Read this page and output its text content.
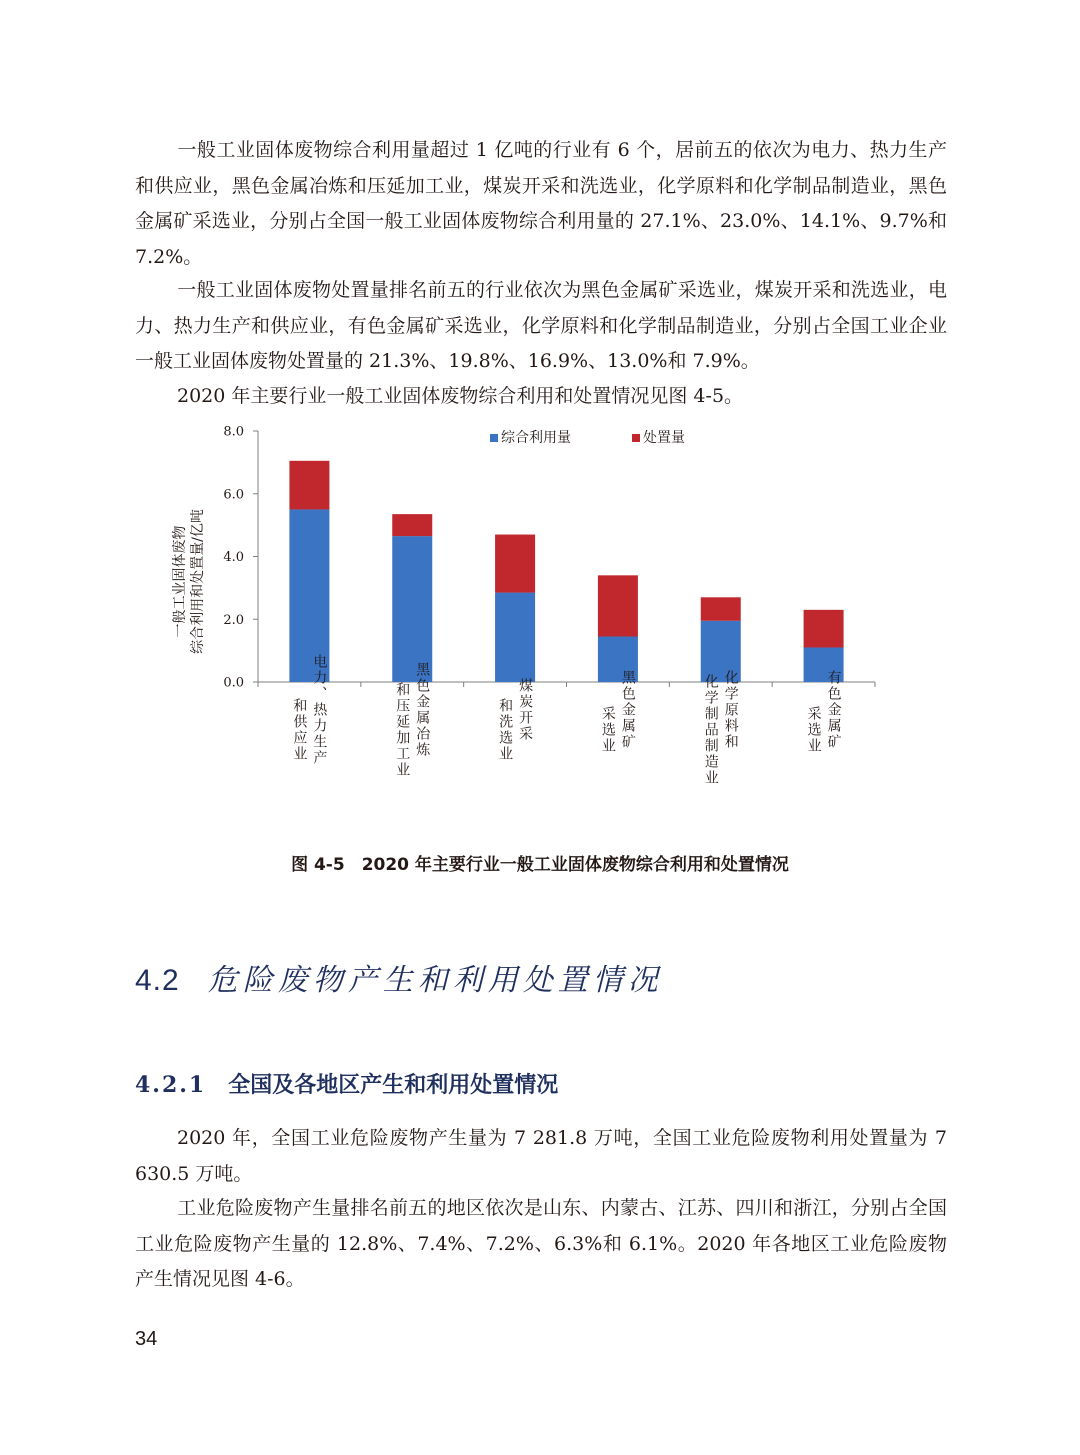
一般工业固体废物综合利用量超过 1 亿吨的行业有 6 个，居前五的依次为电力、热力生产和供应业，黑色金属冶炼和压延加工业，煤炭开采和洗选业，化学原料和化学制品制造业，黑色金属矿采选业，分别占全国一般工业固体废物综合利用量的 27.1%、23.0%、14.1%、9.7%和 7.2%。

一般工业固体废物处置量排名前五的行业依次为黑色金属矿采选业，煤炭开采和洗选业，电力、热力生产和供应业，有色金属矿采选业，化学原料和化学制品制造业，分别占全国工业企业一般工业固体废物处置量的 21.3%、19.8%、16.9%、13.0%和 7.9%。

2020 年主要行业一般工业固体废物综合利用和处置情况见图 4-5。

0.0
2.0
4.0
6.0
8.0
电力、热力生产
和供应业	黑色金属冶炼
和压延加工业	煤炭开采
和洗选业	黑色金属矿
采选业	化学原料和
化学制品制造业	有色金属矿
采选业
一般工业固体废物 综合利用和处置量/亿吨
综合利用量	处置量
图 4-5　2020 年主要行业一般工业固体废物综合利用和处置情况
4.2 危险废物产生和利用处置情况
4.2.1 全国及各地区产生和利用处置情况

2020 年，全国工业危险废物产生量为 7 281.8 万吨，全国工业危险废物利用处置量为 7 630.5 万吨。

工业危险废物产生量排名前五的地区依次是山东、内蒙古、江苏、四川和浙江，分别占全国工业危险废物产生量的 12.8%、7.4%、7.2%、6.3%和 6.1%。2020 年各地区工业危险废物产生情况见图 4-6。

34
